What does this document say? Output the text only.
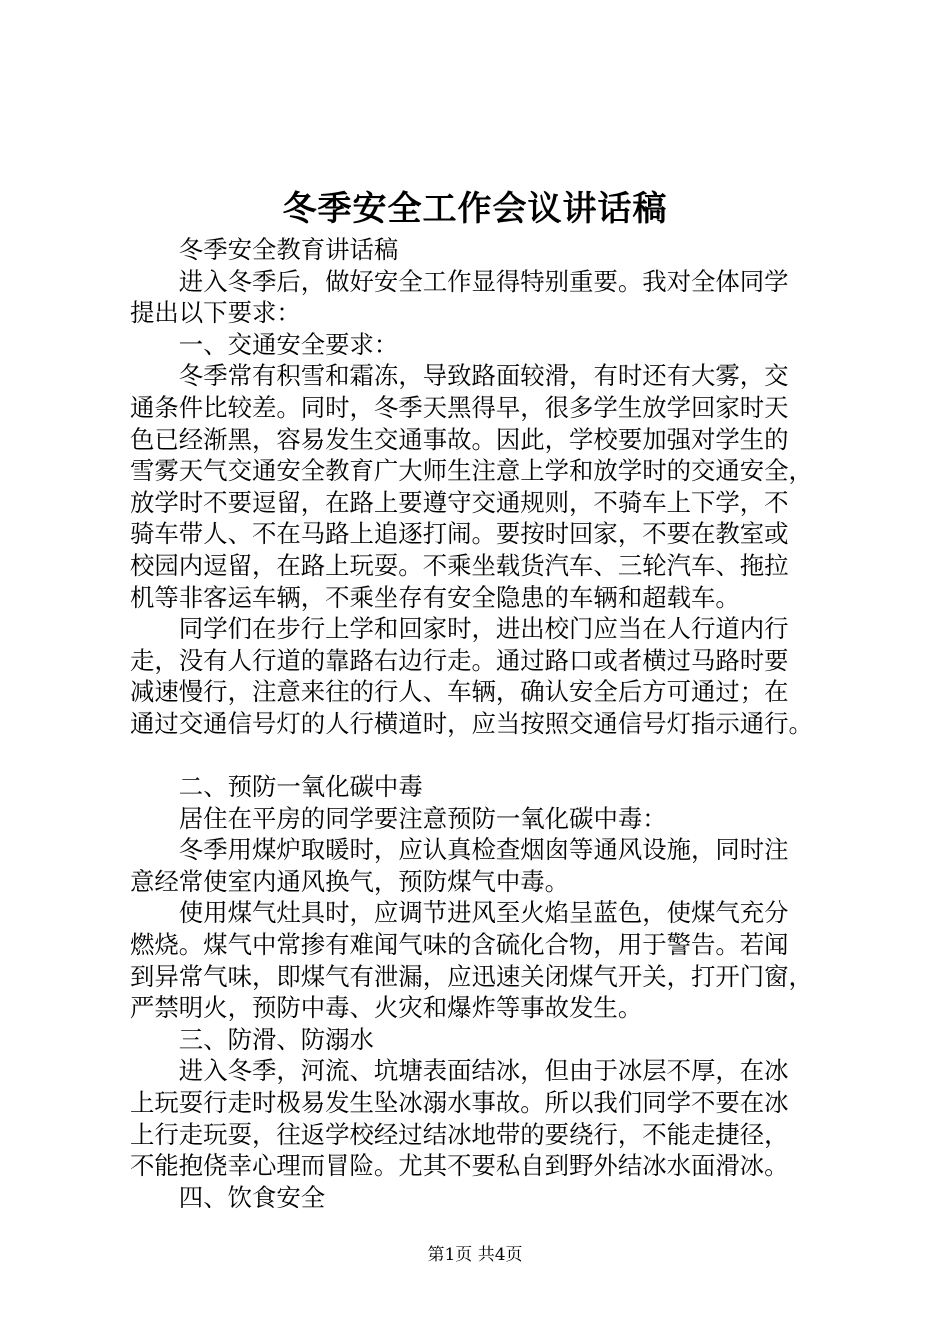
冬季安全工作会议讲话稿

冬季安全教育讲话稿

进入冬季后，做好安全工作显得特别重要。我对全体同学
提出以下要求：

一、交通安全要求：

冬季常有积雪和霜冻，导致路面较滑，有时还有大雾，交
通条件比较差。同时，冬季天黑得早，很多学生放学回家时天
色已经渐黑，容易发生交通事故。因此，学校要加强对学生的
雪雾天气交通安全教育广大师生注意上学和放学时的交通安全，
放学时不要逗留，在路上要遵守交通规则，不骑车上下学，不
骑车带人、不在马路上追逐打闹。要按时回家，不要在教室或
校园内逗留，在路上玩耍。不乘坐载货汽车、三轮汽车、拖拉
机等非客运车辆，不乘坐存有安全隐患的车辆和超载车。

同学们在步行上学和回家时，进出校门应当在人行道内行
走，没有人行道的靠路右边行走。通过路口或者横过马路时要
减速慢行，注意来往的行人、车辆，确认安全后方可通过；在
通过交通信号灯的人行横道时，应当按照交通信号灯指示通行。

二、预防一氧化碳中毒

居住在平房的同学要注意预防一氧化碳中毒：

冬季用煤炉取暖时，应认真检查烟囱等通风设施，同时注
意经常使室内通风换气，预防煤气中毒。

使用煤气灶具时，应调节进风至火焰呈蓝色，使煤气充分
燃烧。煤气中常掺有难闻气味的含硫化合物，用于警告。若闻
到异常气味，即煤气有泄漏，应迅速关闭煤气开关，打开门窗，
严禁明火，预防中毒、火灾和爆炸等事故发生。

三、防滑、防溺水

进入冬季，河流、坑塘表面结冰，但由于冰层不厚，在冰
上玩耍行走时极易发生坠冰溺水事故。所以我们同学不要在冰
上行走玩耍，往返学校经过结冰地带的要绕行，不能走捷径，
不能抱侥幸心理而冒险。尤其不要私自到野外结冰水面滑冰。

四、饮食安全

第1页 共4页
